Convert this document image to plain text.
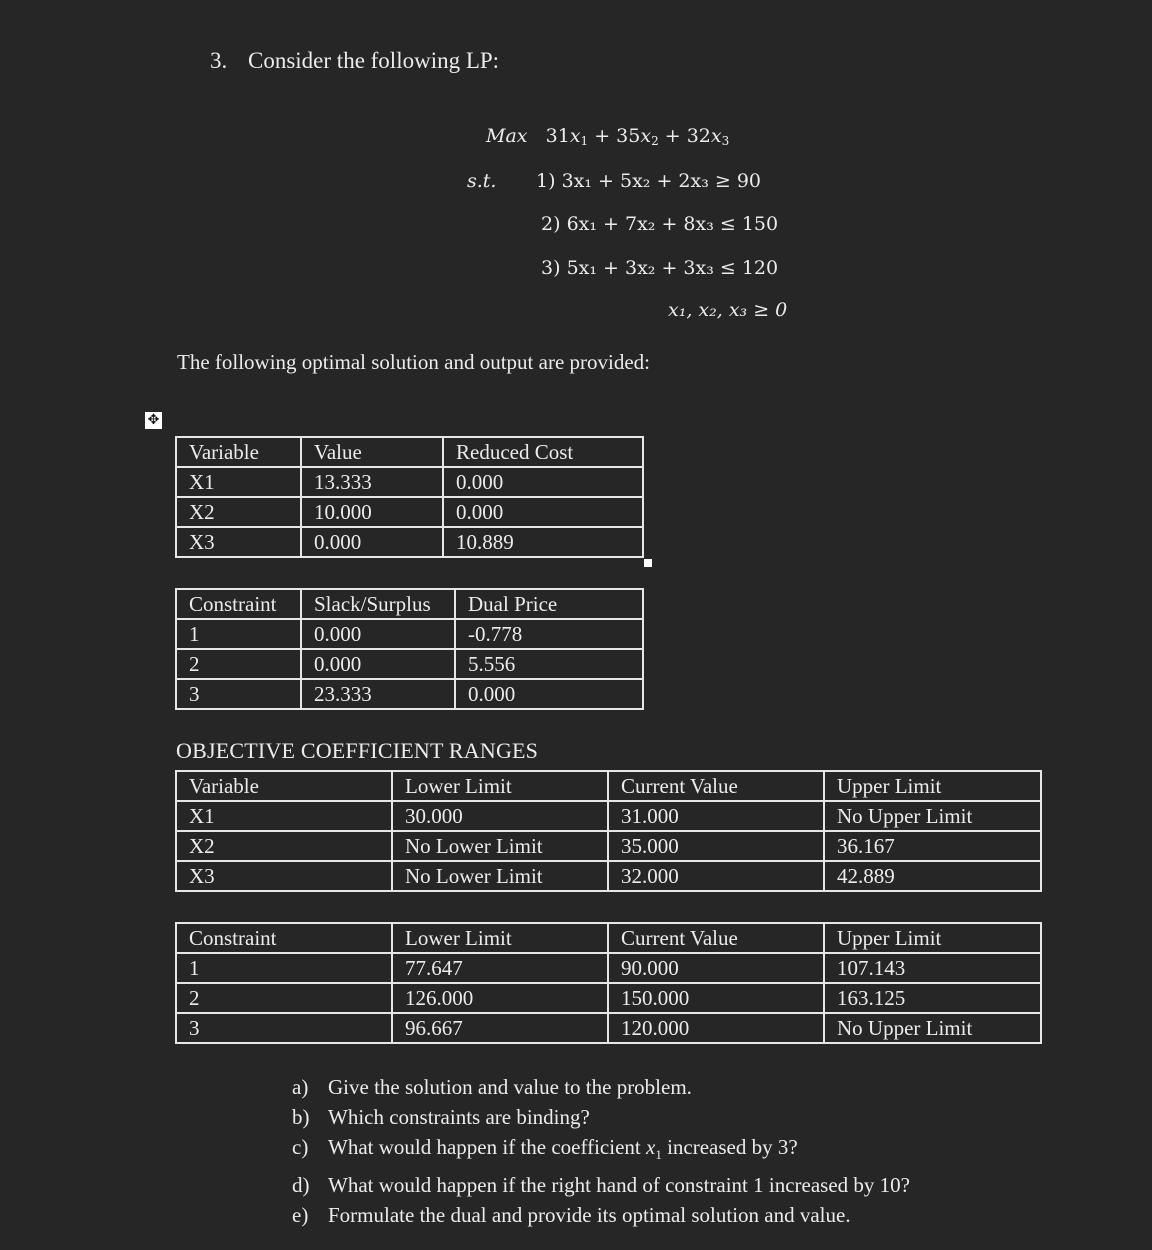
3. Consider the following LP:
Max $31x_1 + 35x_2 + 32x_3$
s.t. 1) 3x₁ + 5x₂ + 2x₃ ≥ 90
2) 6x₁ + 7x₂ + 8x₃ ≤ 150
3) 5x₁ + 3x₂ + 3x₃ ≤ 120
x₁, x₂, x₃ ≥ 0
The following optimal solution and output are provided:
✥
Variable	Value	Reduced Cost
X1	13.333	0.000
X2	10.000	0.000
X3	0.000	10.889
Constraint	Slack/Surplus	Dual Price
1	0.000	-0.778
2	0.000	5.556
3	23.333	0.000
OBJECTIVE COEFFICIENT RANGES
Variable	Lower Limit	Current Value	Upper Limit
X1	30.000	31.000	No Upper Limit
X2	No Lower Limit	35.000	36.167
X3	No Lower Limit	32.000	42.889
Constraint	Lower Limit	Current Value	Upper Limit
1	77.647	90.000	107.143
2	126.000	150.000	163.125
3	96.667	120.000	No Upper Limit
a) Give the solution and value to the problem.
b) Which constraints are binding?
c) What would happen if the coefficient $x_1$ increased by 3?
d) What would happen if the right hand of constraint 1 increased by 10?
e) Formulate the dual and provide its optimal solution and value.
